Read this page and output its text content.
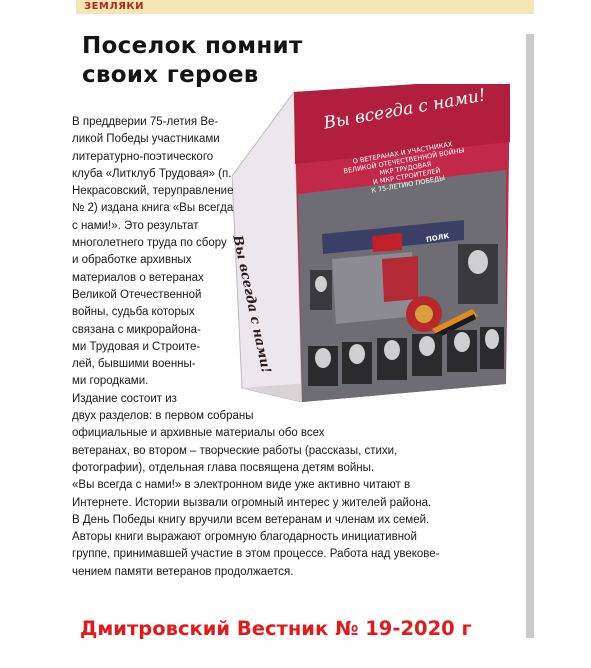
ЗЕМЛЯКИ
Поселок помнит
своих героев
Вы всегда с нами!
О ВЕТЕРАНАХ И УЧАСТНИКАХ
ВЕЛИКОЙ ОТЕЧЕСТВЕННОЙ ВОЙНЫ
МКР ТРУДОВАЯ
И МКР СТРОИТЕЛЕЙ
К 75-ЛЕТИЮ ПОБЕДЫ
ПОЛК
Вы всегда с нами!
В преддверии 75-летия Ве-
ликой Победы участниками
литературно-поэтического
клуба «Литклуб Трудовая» (п.
Некрасовский, теруправление
№ 2) издана книга «Вы всегда
с нами!». Это результат
многолетнего труда по сбору
и обработке архивных
материалов о ветеранах
Великой Отечественной
войны, судьба которых
связана с микрорайона-
ми Трудовая и Строите-
лей, бывшими военны-
ми городками.
Издание состоит из
двух разделов: в первом собраны
официальные и архивные материалы обо всех
ветеранах, во втором – творческие работы (рассказы, стихи,
фотографии), отдельная глава посвящена детям войны.
«Вы всегда с нами!» в электронном виде уже активно читают в
Интернете. Истории вызвали огромный интерес у жителей района.
В День Победы книгу вручили всем ветеранам и членам их семей.
Авторы книги выражают огромную благодарность инициативной
группе, принимавшей участие в этом процессе. Работа над увекове-
чением памяти ветеранов продолжается.
Дмитровский Вестник № 19-2020 г
